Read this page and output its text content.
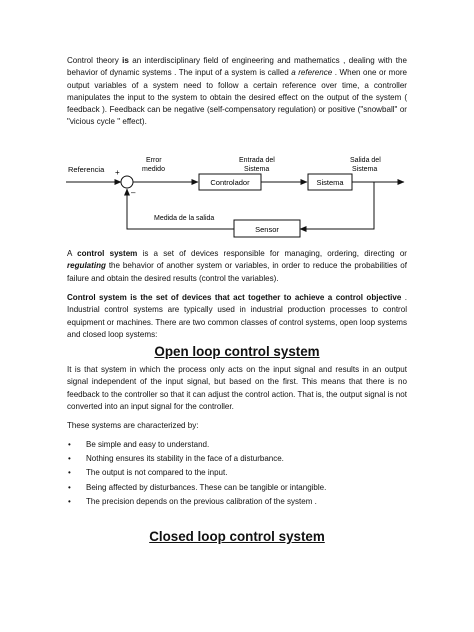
Control theory is an interdisciplinary field of engineering and mathematics , dealing with the behavior of dynamic systems . The input of a system is called a reference . When one or more output variables of a system need to follow a certain reference over time, a controller manipulates the input to the system to obtain the desired effect on the output of the system ( feedback ). Feedback can be negative (self-compensatory regulation) or positive ("snowball" or "vicious cycle " effect).

Referencia
Error
medido
+
–
Entrada del
Sistema
Salida del
Sistema
Controlador	Sistema
Medida de la salida
Sensor

A control system is a set of devices responsible for managing, ordering, directing or regulating the behavior of another system or variables, in order to reduce the probabilities of failure and obtain the desired results (control the variables).

Control system is the set of devices that act together to achieve a control objective . Industrial control systems are typically used in industrial production processes to control equipment or machines. There are two common classes of control systems, open loop systems and closed loop systems:

Open loop control system

It is that system in which the process only acts on the input signal and results in an output signal independent of the input signal, but based on the first. This means that there is no feedback to the controller so that it can adjust the control action. That is, the output signal is not converted into an input signal for the controller.

These systems are characterized by:

• Be simple and easy to understand.
• Nothing ensures its stability in the face of a disturbance.
• The output is not compared to the input.
• Being affected by disturbances. These can be tangible or intangible.
• The precision depends on the previous calibration of the system .
Closed loop control system
